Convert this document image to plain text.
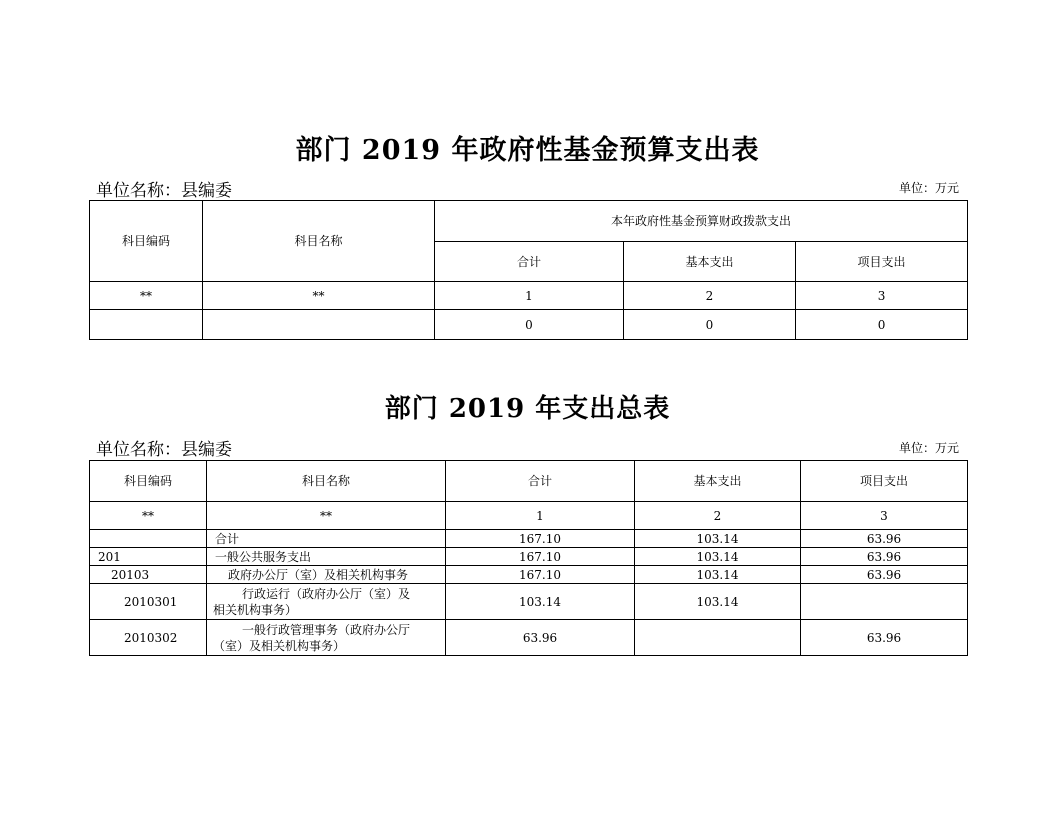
部门 2019 年政府性基金预算支出表
单位名称：县编委	单位：万元
科目编码	科目名称	本年政府性基金预算财政拨款支出		
		合计	基本支出	项目支出
**	**	1	2	3
		0	0	0
部门 2019 年支出总表
单位名称：县编委	单位：万元
科目编码	科目名称	合计	基本支出	项目支出
**	**	1	2	3
	合计	167.10	103.14	63.96
201	一般公共服务支出	167.10	103.14	63.96
20103	政府办公厅（室）及相关机构事务	167.10	103.14	63.96
2010301	行政运行（政府办公厅（室）及
相关机构事务）	103.14	103.14	
2010302	一般行政管理事务（政府办公厅
（室）及相关机构事务）	63.96		63.96
